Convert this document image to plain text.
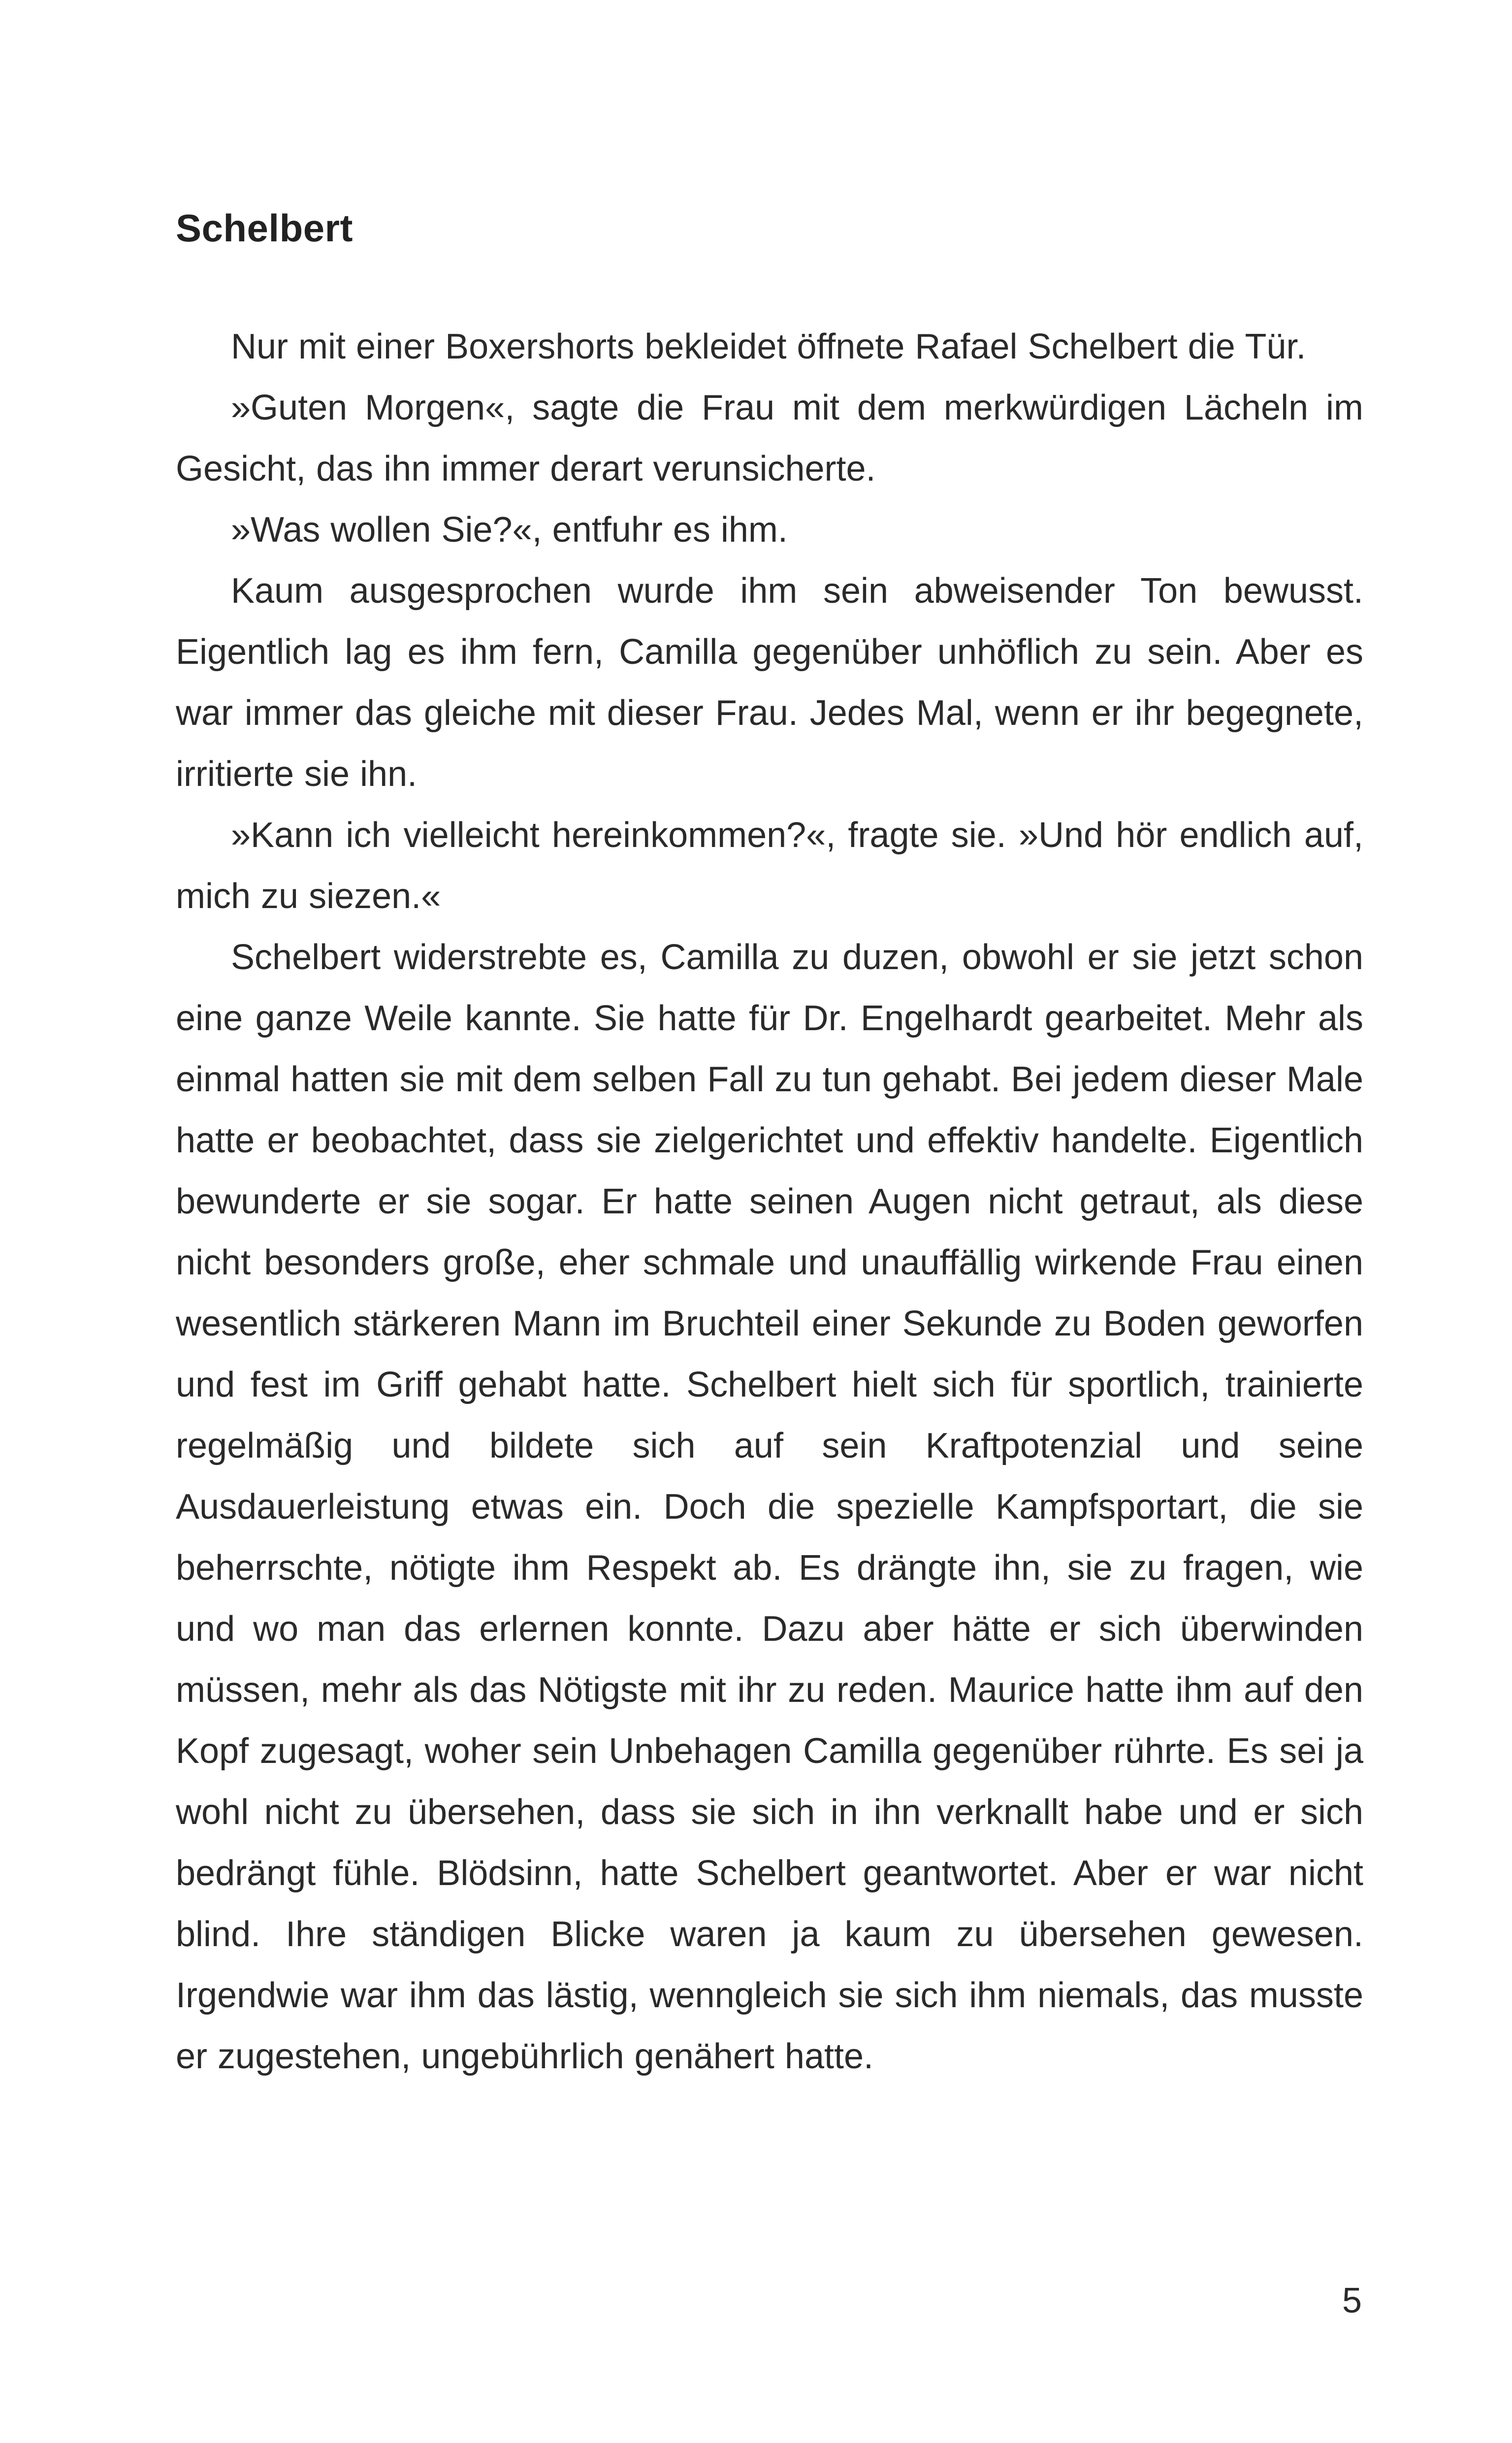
Schelbert

Nur mit einer Boxershorts bekleidet öffnete Rafael Schelbert die Tür.

»Guten Morgen«, sagte die Frau mit dem merkwürdigen Lächeln im Gesicht, das ihn immer derart verunsicherte.

»Was wollen Sie?«, entfuhr es ihm.

Kaum ausgesprochen wurde ihm sein abweisender Ton bewusst. Eigentlich lag es ihm fern, Camilla gegenüber unhöflich zu sein. Aber es war immer das gleiche mit dieser Frau. Jedes Mal, wenn er ihr begegnete, irritierte sie ihn.

»Kann ich vielleicht hereinkommen?«, fragte sie. »Und hör endlich auf, mich zu siezen.«

Schelbert widerstrebte es, Camilla zu duzen, obwohl er sie jetzt schon eine ganze Weile kannte. Sie hatte für Dr. Engelhardt gearbeitet. Mehr als einmal hatten sie mit dem selben Fall zu tun gehabt. Bei jedem dieser Male hatte er beobachtet, dass sie zielgerichtet und effektiv handelte. Eigentlich bewunderte er sie sogar. Er hatte seinen Augen nicht getraut, als diese nicht besonders große, eher schmale und unauffällig wirkende Frau einen wesentlich stärkeren Mann im Bruchteil einer Sekunde zu Boden geworfen und fest im Griff gehabt hatte. Schelbert hielt sich für sportlich, trainierte regelmäßig und bildete sich auf sein Kraftpotenzial und seine Ausdauerleistung etwas ein. Doch die spezielle Kampfsportart, die sie beherrschte, nötigte ihm Respekt ab. Es drängte ihn, sie zu fragen, wie und wo man das erlernen konnte. Dazu aber hätte er sich überwinden müssen, mehr als das Nötigste mit ihr zu reden. Maurice hatte ihm auf den Kopf zugesagt, woher sein Unbehagen Camilla gegenüber rührte. Es sei ja wohl nicht zu übersehen, dass sie sich in ihn verknallt habe und er sich bedrängt fühle. Blödsinn, hatte Schelbert geantwortet. Aber er war nicht blind. Ihre ständigen Blicke waren ja kaum zu übersehen gewesen. Irgendwie war ihm das lästig, wenngleich sie sich ihm niemals, das musste er zugestehen, ungebührlich genähert hatte.

5
